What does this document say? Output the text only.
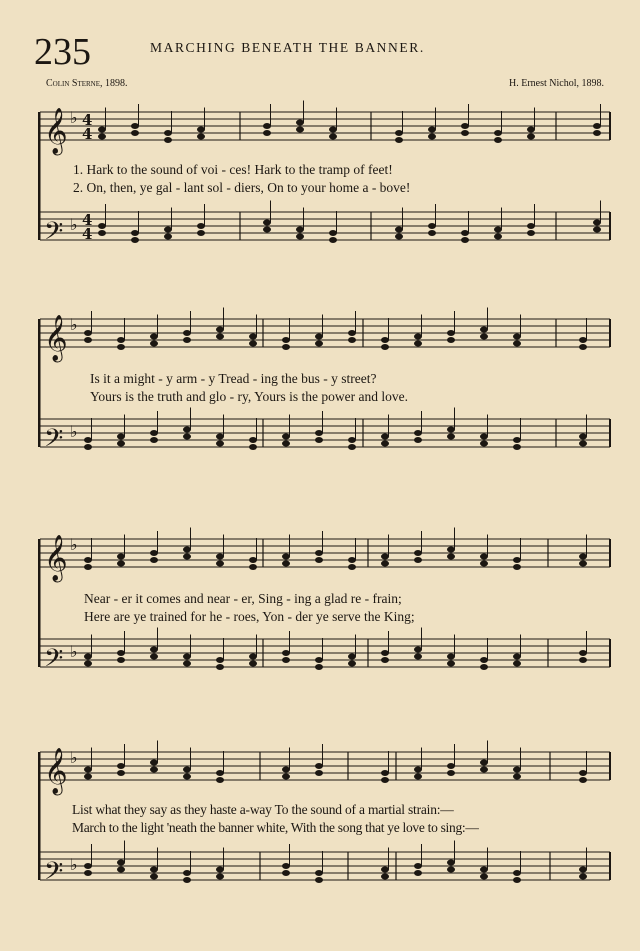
235	MARCHING BENEATH THE BANNER.
Colin Sterne, 1898.	H. Ernest Nichol, 1898.
𝄞 ♭ 4
4
𝄢 ♭ 4
4
1. Hark to the sound of voi - ces! Hark to the tramp of feet!
2. On, then, ye gal - lant sol - diers, On to your home a - bove!
𝄞 ♭
𝄢 ♭
Is it a might - y arm - y Tread - ing the bus - y street?
Yours is the truth and glo - ry, Yours is the power and love.
𝄞 ♭
𝄢 ♭
Near - er it comes and near - er, Sing - ing a glad re - frain;
Here are ye trained for he - roes, Yon - der ye serve the King;
𝄞 ♭
𝄢 ♭
List what they say as they haste a-way To the sound of a martial strain:—
March to the light 'neath the banner white, With the song that ye love to sing:—
